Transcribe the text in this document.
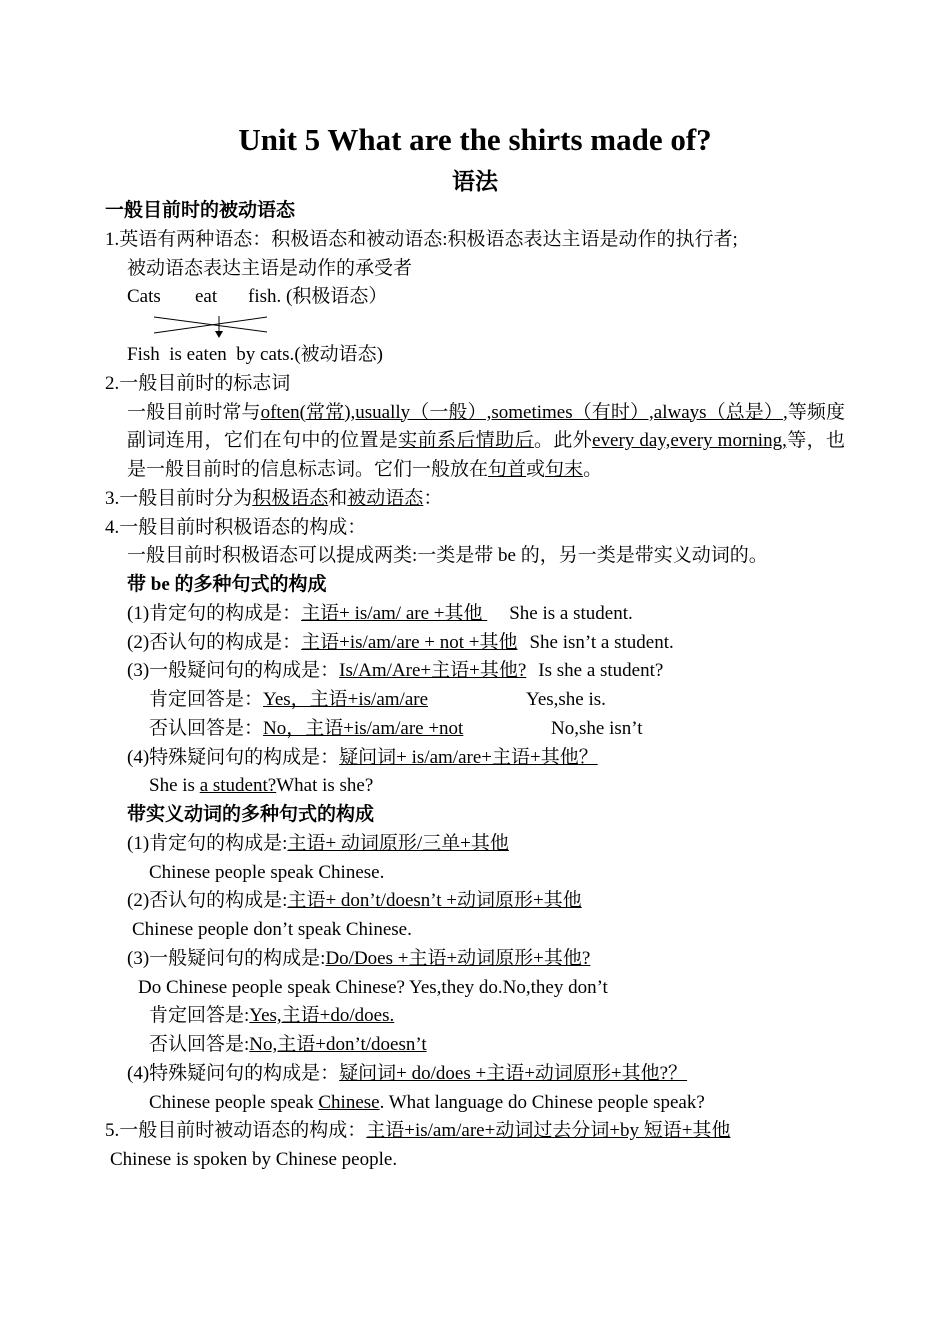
Unit 5 What are the shirts made of?
语法
一般目前时的被动语态
1.英语有两种语态：积极语态和被动语态:积极语态表达主语是动作的执行者;
被动语态表达主语是动作的承受者
Cats eat fish. (积极语态）
Fish is eaten by cats.(被动语态)
2.一般目前时的标志词
一般目前时常与often(常常),usually（一般）,sometimes（有时）,always（总是）,等频度副词连用，它们在句中的位置是实前系后情助后。此外every day,every morning,等，也是一般目前时的信息标志词。它们一般放在句首或句末。
3.一般目前时分为积极语态和被动语态：
4.一般目前时积极语态的构成：
一般目前时积极语态可以提成两类:一类是带 be 的，另一类是带实义动词的。
带 be 的多种句式的构成
(1)肯定句的构成是：主语+ is/am/ are +其他 She is a student.
(2)否认句的构成是：主语+is/am/are + not +其他 She isn’t a student.
(3)一般疑问句的构成是：Is/Am/Are+主语+其他? Is she a student?
肯定回答是：Yes，主语+is/am/are	Yes,she is.
否认回答是：No，主语+is/am/are +not	No,she isn’t
(4)特殊疑问句的构成是：疑问词+ is/am/are+主语+其他？
She is a student?What is she?
带实义动词的多种句式的构成
(1)肯定句的构成是:主语+ 动词原形/三单+其他
Chinese people speak Chinese.
(2)否认句的构成是:主语+ don’t/doesn’t +动词原形+其他
Chinese people don’t speak Chinese.
(3)一般疑问句的构成是:Do/Does +主语+动词原形+其他?
Do Chinese people speak Chinese? Yes,they do.No,they don’t
肯定回答是:Yes,主语+do/does.
否认回答是:No,主语+don’t/doesn’t
(4)特殊疑问句的构成是：疑问词+ do/does +主语+动词原形+其他?？
Chinese people speak Chinese. What language do Chinese people speak?
5.一般目前时被动语态的构成：主语+is/am/are+动词过去分词+by 短语+其他
Chinese is spoken by Chinese people.
